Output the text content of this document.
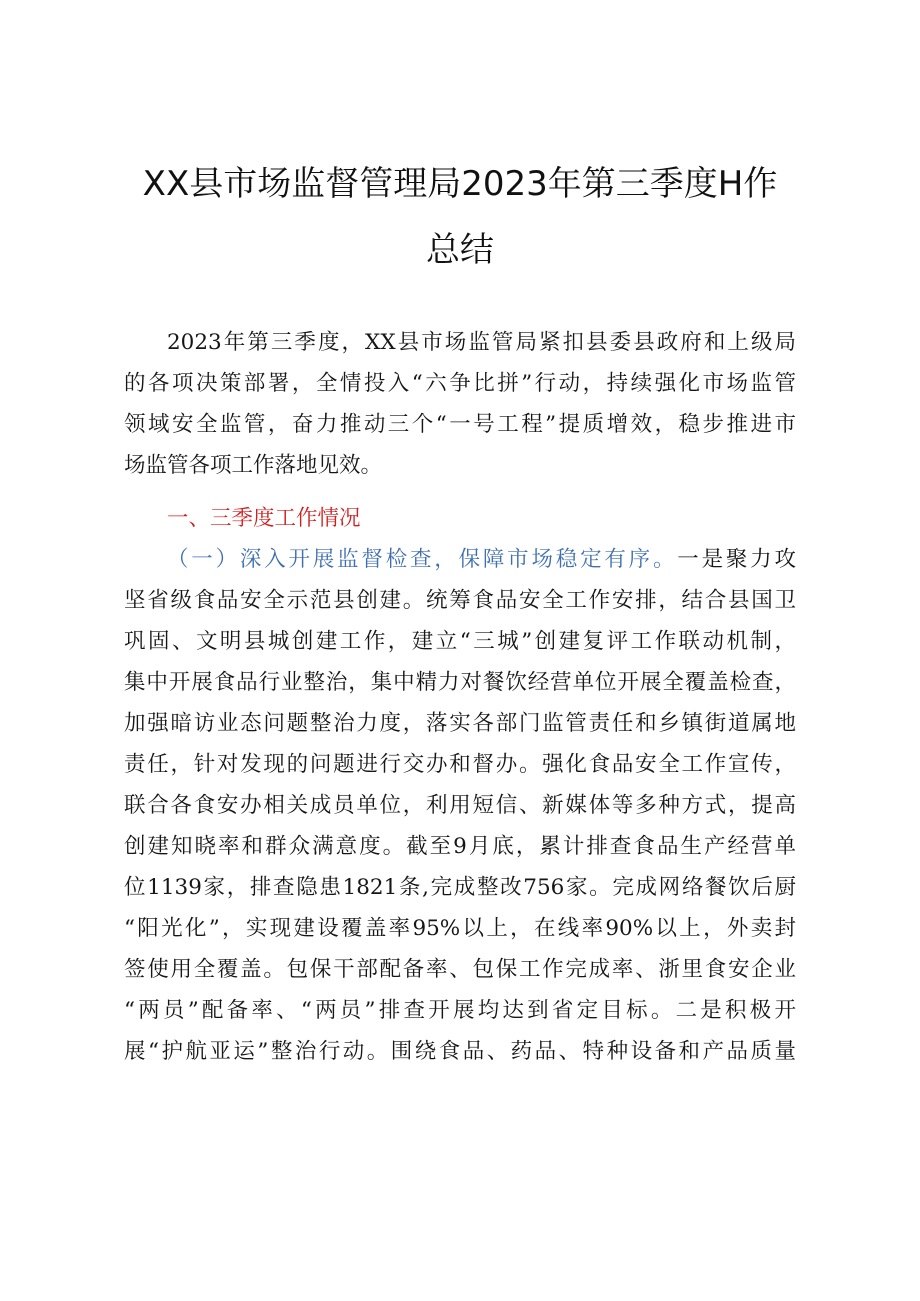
XX县市场监督管理局2023年第三季度H作
总结
2023年第三季度，XX县市场监管局紧扣县委县政府和上级局
的各项决策部署，全情投入“六争比拼”行动，持续强化市场监管
领域安全监管，奋力推动三个“一号工程”提质增效，稳步推进市
场监管各项工作落地见效。
一、三季度工作情况
（一）深入开展监督检查，保障市场稳定有序。一是聚力攻
坚省级食品安全示范县创建。统筹食品安全工作安排，结合县国卫
巩固、文明县城创建工作，建立“三城”创建复评工作联动机制，
集中开展食品行业整治，集中精力对餐饮经营单位开展全覆盖检查，
加强暗访业态问题整治力度，落实各部门监管责任和乡镇街道属地
责任，针对发现的问题进行交办和督办。强化食品安全工作宣传，
联合各食安办相关成员单位，利用短信、新媒体等多种方式，提高
创建知晓率和群众满意度。截至9月底，累计排查食品生产经营单
位1139家，排查隐患1821条,完成整改756家。完成网络餐饮后厨
“阳光化”，实现建设覆盖率95%以上，在线率90%以上，外卖封
签使用全覆盖。包保干部配备率、包保工作完成率、浙里食安企业
“两员”配备率、“两员”排查开展均达到省定目标。二是积极开
展“护航亚运”整治行动。围绕食品、药品、特种设备和产品质量
